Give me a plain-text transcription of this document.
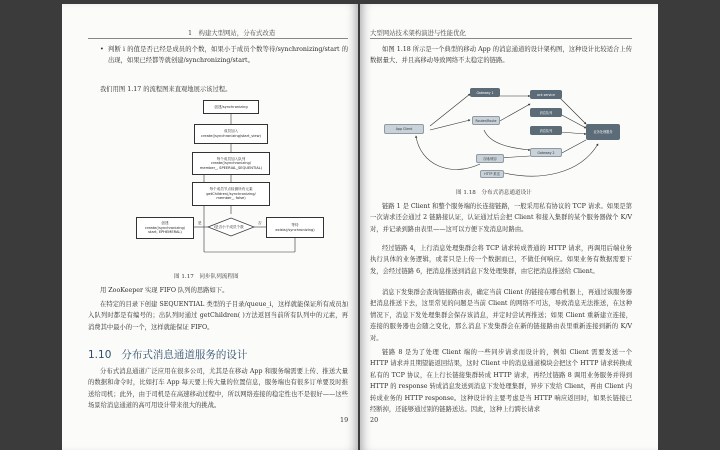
1　构建大型网站，分布式改造
• 判断 i 的值是否已经是成员的个数，如果小于成员个数等待/synchronizing/start 的出现，如果已经都等就创建/synchronizing/start。
我们用图 1.17 的流程图来直观地展示该过程。
创建/synchronizing
成员加入
create(/synchronizing/start_view)
每个成员加入队列
create(/synchronizing/
member_, SPEERIAL_SEQUENTIAL)
每个成员节点检测所有元素
getChildren(/synchronizing/
member_, false)
i是否小于成员个数
创建
create(/synchronizing/
start, EPHEMERAL)
是	等待
exists(/synchronizing)
否
图 1.17　同步队列流程图
用 ZooKeeper 实现 FIFO 队列的思路如下。
在特定的目录下创建 SEQUENTIAL 类型的子目录/queue_i，这样就能保证所有成员加入队列时都是有编号的；出队列时通过 getChildren( )方法返回当前所有队列中的元素，再消费其中最小的一个，这样就能保证 FIFO。
1.10 分布式消息通道服务的设计
分布式消息通道广泛应用在很多公司，尤其是在移动 App 和服务端需要上传、推送大量的数据和命令时，比如打车 App 每天要上传大量的位置信息，服务端也有很多订单要及时推送给司机；此外，由于司机是在高速移动过程中，所以网络连接的稳定性也不是很好——这些场景给消息通道的高可用设计带来很大的挑战。
19
大型网站技术架构演进与性能优化
如图 1.18 所示是一个典型的移动 App 的消息通道的设计架构图，这种设计比较适合上传数据量大、并且高移动导致网络不太稳定的链路。
App Client
Gateway 1
Router/Route
ack service
消息队列
消息队列
Gateway 2
业务处理服务
存储/缓存
HTTP 推送
图 1.18　分布式消息通道设计
链路 1 是 Client 和整个服务端的长连接链路，一般采用私有协议的 TCP 请求。如果是第一次请求还会通过 2 链路接认证，认证通过后会把 Client 和接入集群的某个服务器做个 K/V 对，并记录到路由表里——这可以方便下发消息时路由。
经过链路 4，上行消息处理集群会将 TCP 请求转成普通的 HTTP 请求，再调用后端业务执行具体的业务逻辑，或者只是上传一个数据而已，不做任何响应。如果业务有数据需要下发，会经过链路 6，把消息推送到消息下发处理集群，由它把消息推送给 Client。
消息下发集群会查询链接路由表，确定当前 Client 的链接在哪台机器上，再通过该服务器把消息推送下去，这里常见的问题是当前 Client 的网络不可达，导致消息无法推送，在这种情况下，消息下发处理集群会保存该消息，并定时尝试再推送；如果 Client 重新建立连接，连接的服务器也会随之变化，那么消息下发集群会在新的链接路由表里重新连接到新的 K/V 对。
链路 8 是为了处理 Client 端的一些同步请求而设计的，例如 Client 需要发送一个 HTTP 请求并且期望能返回结果，这时 Client 中的消息通道模块会把这个 HTTP 请求转换成私有的 TCP 协议，在上行长链接集群转成 HTTP 请求，再经过链路 8 调用业务服务并得到 HTTP 的 response 转成消息发送到消息下发处理集群，异步下发给 Client，再由 Client 内转成业务的 HTTP response。这种设计的主要考虑是当 HTTP 响应返回时，如果长链接已经断掉，还能够通过别的链路送达。因此，这种上行跨长请求
20
